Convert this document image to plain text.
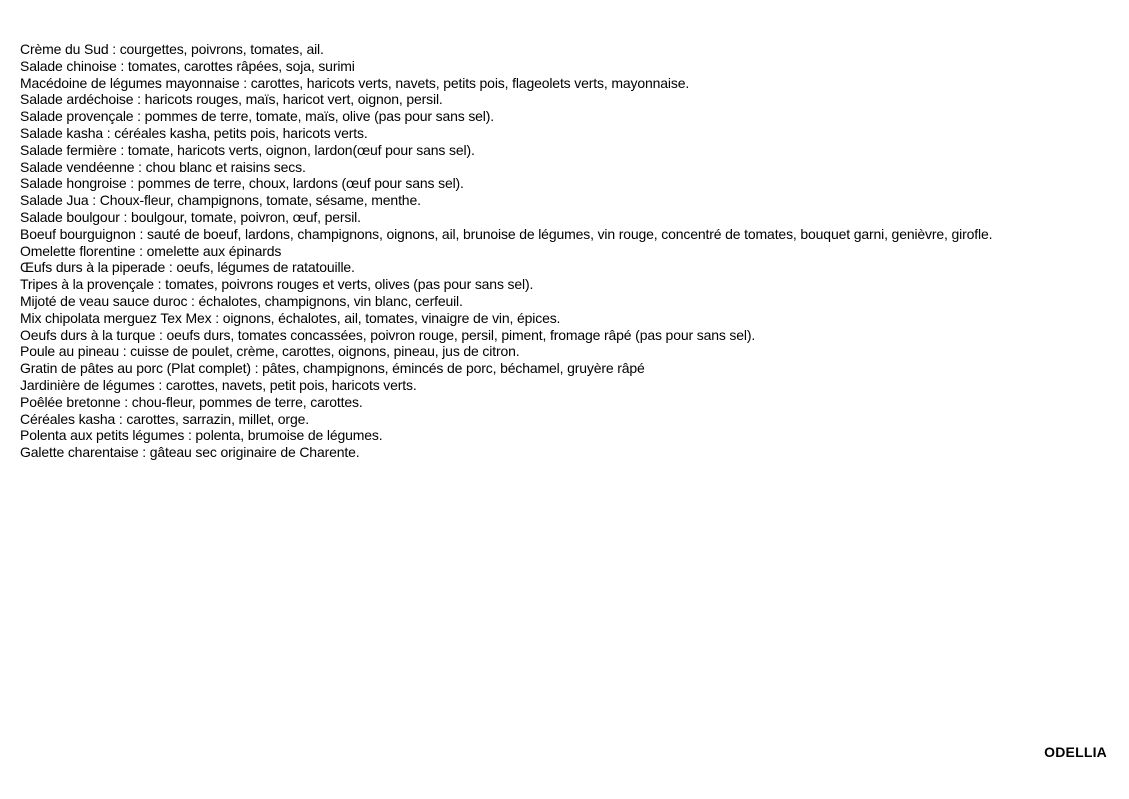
Crème du Sud : courgettes, poivrons, tomates, ail.
Salade chinoise : tomates, carottes râpées, soja, surimi
Macédoine de légumes mayonnaise : carottes, haricots verts, navets, petits pois, flageolets verts, mayonnaise.
Salade ardéchoise : haricots rouges, maïs, haricot vert, oignon, persil.
Salade provençale : pommes de terre, tomate, maïs, olive (pas pour sans sel).
Salade kasha : céréales kasha, petits pois, haricots verts.
Salade fermière : tomate, haricots verts, oignon, lardon(œuf pour sans sel).
Salade vendéenne : chou blanc et raisins secs.
Salade hongroise : pommes de terre, choux, lardons (œuf pour sans sel).
Salade Jua : Choux-fleur, champignons, tomate, sésame, menthe.
Salade boulgour : boulgour, tomate, poivron, œuf, persil.
Boeuf bourguignon : sauté de boeuf, lardons, champignons, oignons, ail, brunoise de légumes, vin rouge, concentré de tomates, bouquet garni, genièvre, girofle.
Omelette florentine : omelette aux épinards
Œufs durs à la piperade : oeufs, légumes de ratatouille.
Tripes à la provençale : tomates, poivrons rouges et verts, olives (pas pour sans sel).
Mijoté de veau sauce duroc : échalotes, champignons, vin blanc, cerfeuil.
Mix chipolata merguez Tex Mex : oignons, échalotes, ail, tomates, vinaigre de vin, épices.
Oeufs durs à la turque : oeufs durs, tomates concassées, poivron rouge, persil, piment, fromage râpé (pas pour sans sel).
Poule au pineau : cuisse de poulet, crème, carottes, oignons, pineau, jus de citron.
Gratin de pâtes au porc (Plat complet) : pâtes, champignons, émincés de porc, béchamel, gruyère râpé
Jardinière de légumes : carottes, navets, petit pois, haricots verts.
Poêlée bretonne : chou-fleur, pommes de terre, carottes.
Céréales kasha : carottes, sarrazin, millet, orge.
Polenta aux petits légumes : polenta, brumoise de légumes.
Galette charentaise : gâteau sec originaire de Charente.
ODELLIA
